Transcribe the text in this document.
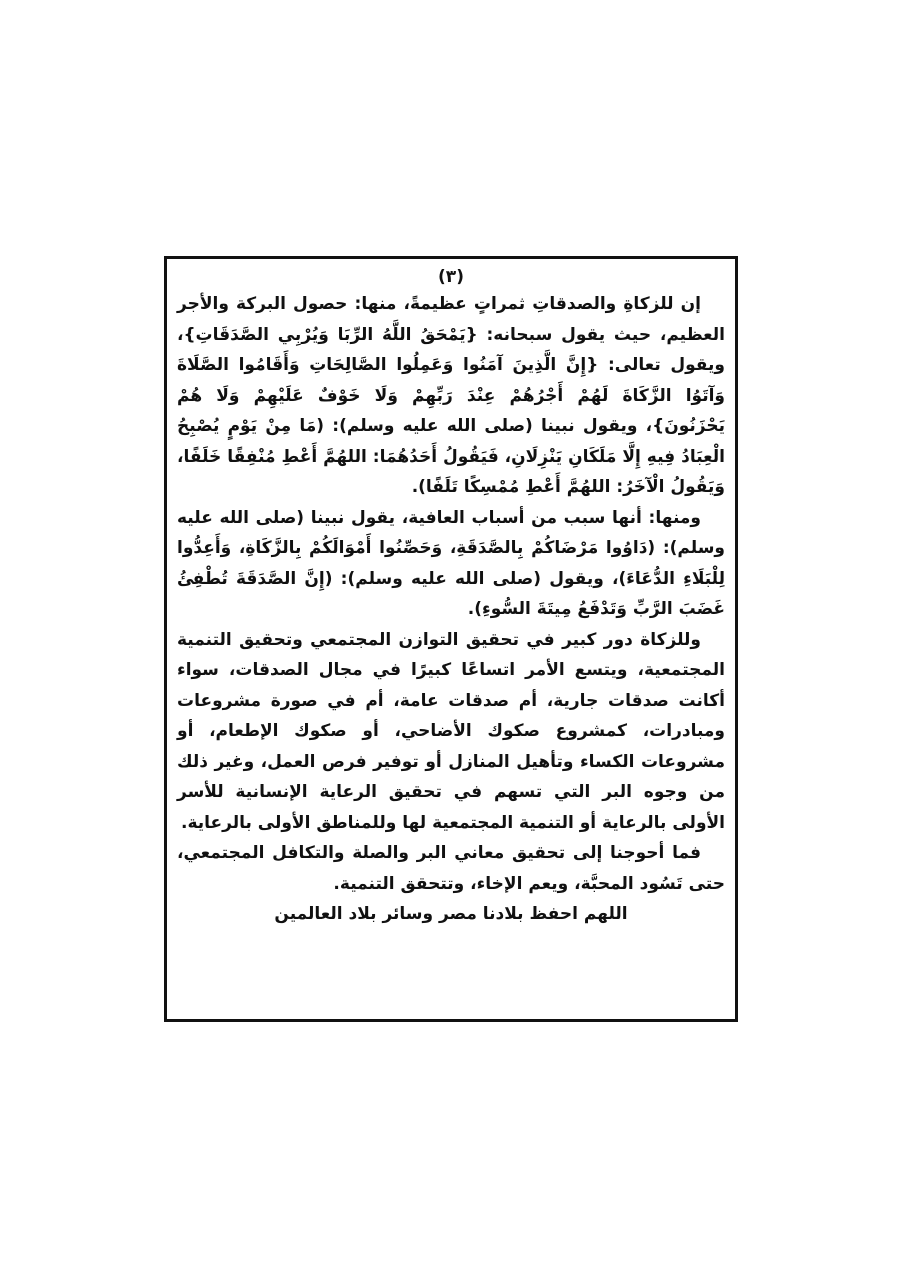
(٣)

إن للزكاةِ والصدقاتِ ثمراتٍ عظيمةً، منها: حصول البركة والأجر العظيم، حيث يقول سبحانه: {يَمْحَقُ اللَّهُ الرِّبَا وَيُرْبِي الصَّدَقَاتِ}، ويقول تعالى: {إِنَّ الَّذِينَ آمَنُوا وَعَمِلُوا الصَّالِحَاتِ وَأَقَامُوا الصَّلَاةَ وَآتَوُا الزَّكَاةَ لَهُمْ أَجْرُهُمْ عِنْدَ رَبِّهِمْ وَلَا خَوْفٌ عَلَيْهِمْ وَلَا هُمْ يَحْزَنُونَ}، ويقول نبينا (صلى الله عليه وسلم): (مَا مِنْ يَوْمٍ يُصْبِحُ الْعِبَادُ فِيهِ إِلَّا مَلَكَانِ يَنْزِلَانِ، فَيَقُولُ أَحَدُهُمَا: اللهُمَّ أَعْطِ مُنْفِقًا خَلَفًا، وَيَقُولُ الْآخَرُ: اللهُمَّ أَعْطِ مُمْسِكًا تَلَفًا).

ومنها: أنها سبب من أسباب العافية، يقول نبينا (صلى الله عليه وسلم): (دَاوُوا مَرْضَاكُمْ بِالصَّدَقَةِ، وَحَصِّنُوا أَمْوَالَكُمْ بِالزَّكَاةِ، وَأَعِدُّوا لِلْبَلَاءِ الدُّعَاءَ)، ويقول (صلى الله عليه وسلم): (إِنَّ الصَّدَقَةَ تُطْفِئُ غَضَبَ الرَّبِّ وَتَدْفَعُ مِيتَةَ السُّوءِ).

وللزكاة دور كبير في تحقيق التوازن المجتمعي وتحقيق التنمية المجتمعية، ويتسع الأمر اتساعًا كبيرًا في مجال الصدقات، سواء أكانت صدقات جارية، أم صدقات عامة، أم في صورة مشروعات ومبادرات، كمشروع صكوك الأضاحي، أو صكوك الإطعام، أو مشروعات الكساء وتأهيل المنازل أو توفير فرص العمل، وغير ذلك من وجوه البر التي تسهم في تحقيق الرعاية الإنسانية للأسر الأولى بالرعاية أو التنمية المجتمعية لها وللمناطق الأولى بالرعاية.

فما أحوجنا إلى تحقيق معاني البر والصلة والتكافل المجتمعي، حتى تَسُود المحبَّة، ويعم الإخاء، وتتحقق التنمية.

اللهم احفظ بلادنا مصر وسائر بلاد العالمين
